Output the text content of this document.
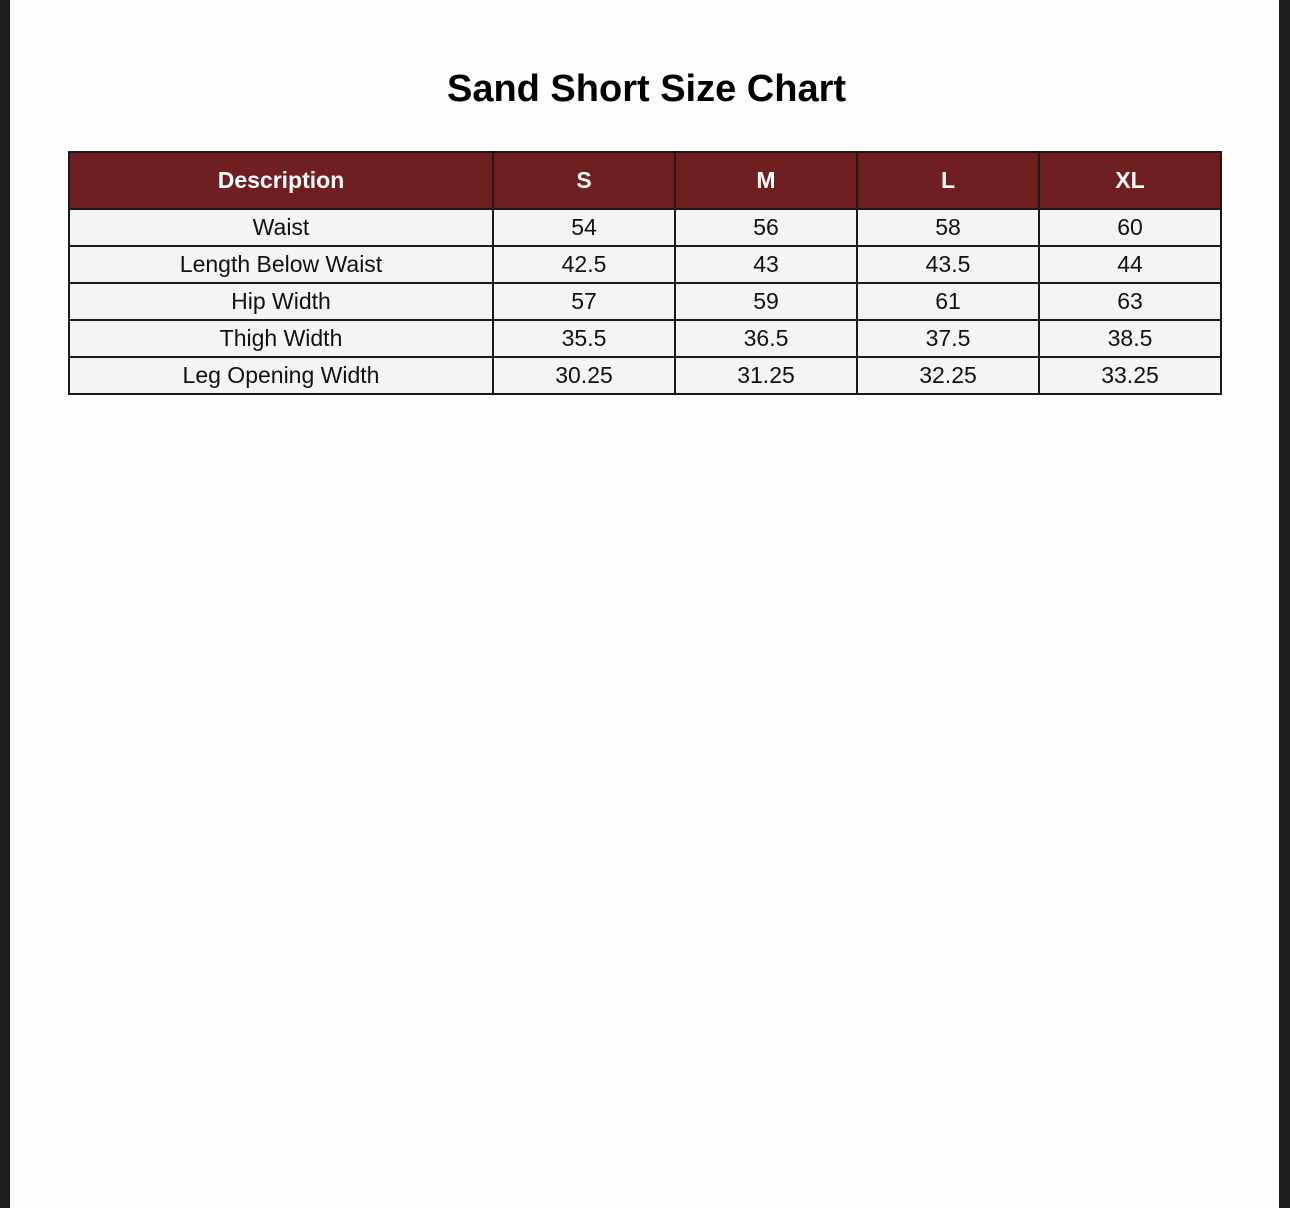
Sand Short Size Chart
Description	S	M	L	XL
Waist	54	56	58	60
Length Below Waist	42.5	43	43.5	44
Hip Width	57	59	61	63
Thigh Width	35.5	36.5	37.5	38.5
Leg Opening Width	30.25	31.25	32.25	33.25
